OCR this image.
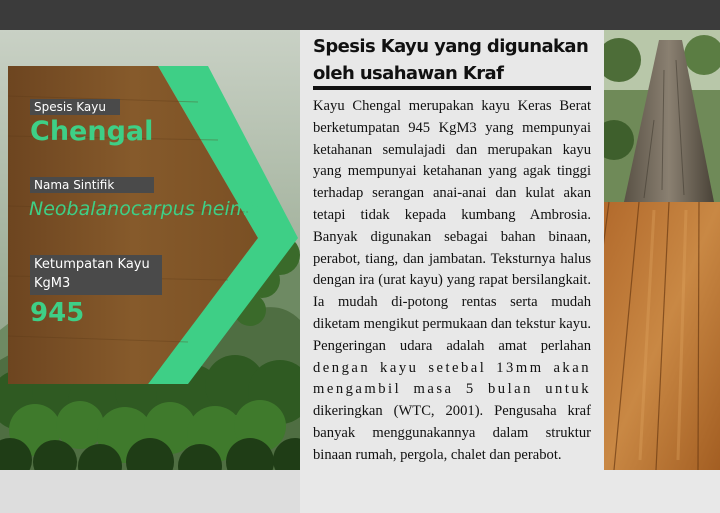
Spesis Kayu
Chengal
Nama Sintifik
Neobalanocarpus heimil
Ketumpatan Kayu
KgM3
945
Spesis Kayu yang digunakan
oleh usahawan Kraf
Kayu Chengal merupakan kayu Keras Berat berketumpatan 945 KgM3 yang mempunyai ketahanan semulajadi dan merupakan kayu yang mempunyai ketahanan yang agak tinggi terhadap serangan anai-anai dan kulat akan tetapi tidak kepada kumbang Ambrosia. Banyak digunakan sebagai bahan binaan, perabot, tiang, dan jambatan. Teksturnya halus dengan ira (urat kayu) yang rapat bersilangkait. Ia mudah di-potong rentas serta mudah diketam mengikut permukaan dan tekstur kayu. Pengeringan udara adalah amat perlahan dengan kayu setebal 13mm akan mengambil masa 5 bulan untuk dikeringkan (WTC, 2001). Pengusaha kraf banyak menggunakannya dalam struktur binaan rumah, pergola, chalet dan perabot.
